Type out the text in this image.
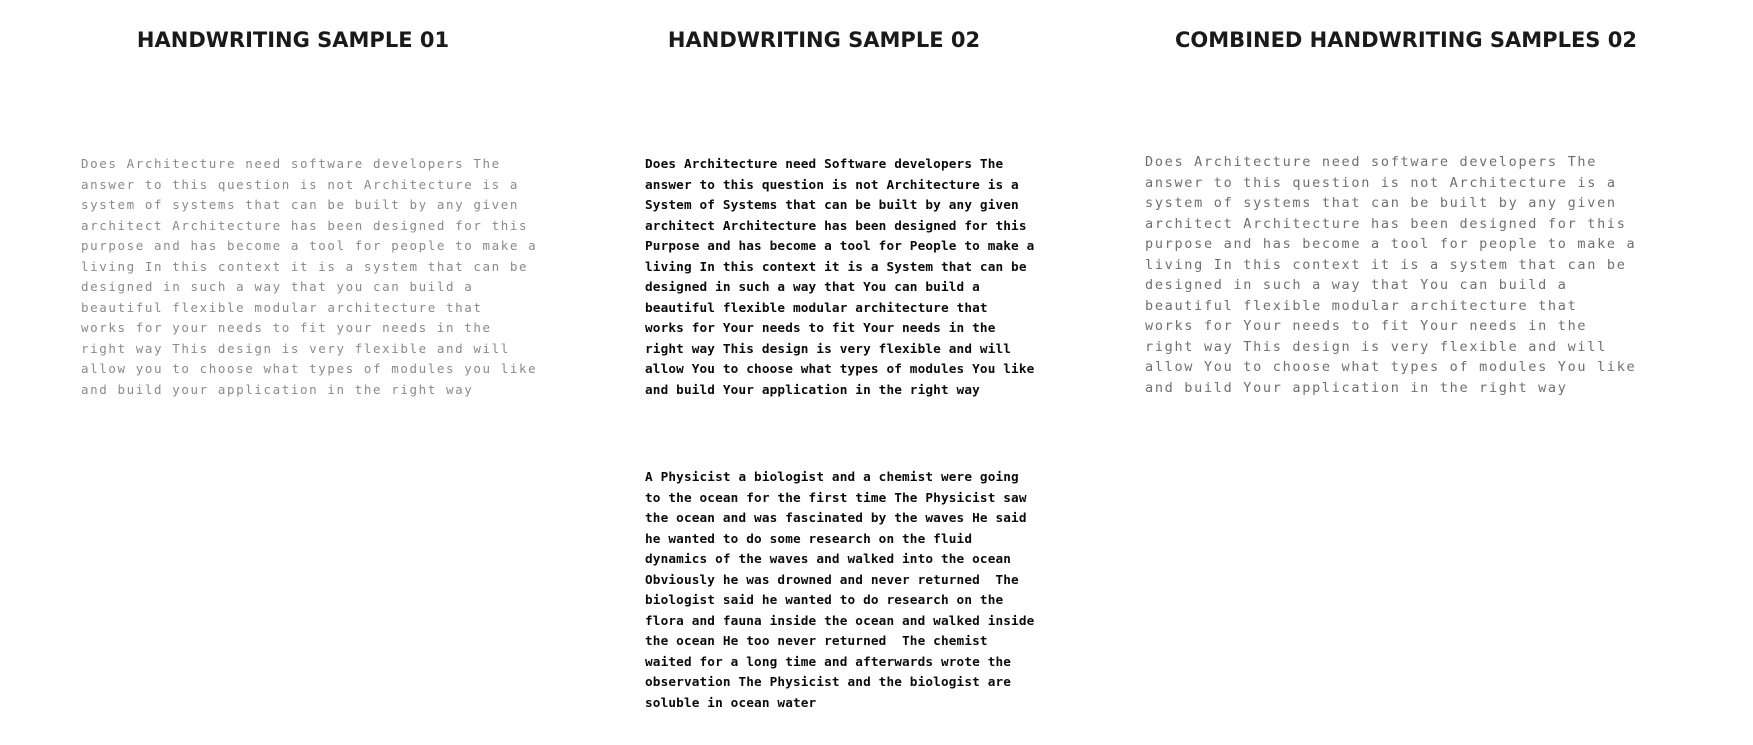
HANDWRITING SAMPLE 01	HANDWRITING SAMPLE 02	COMBINED HANDWRITING SAMPLES 02
Does Architecture need software developers The
answer to this question is not Architecture is a
system of systems that can be built by any given
architect Architecture has been designed for this
purpose and has become a tool for people to make a
living In this context it is a system that can be
designed in such a way that you can build a
beautiful flexible modular architecture that
works for your needs to fit your needs in the
right way This design is very flexible and will
allow you to choose what types of modules you like
and build your application in the right way
Does Architecture need Software developers The
answer to this question is not Architecture is a
System of Systems that can be built by any given
architect Architecture has been designed for this
Purpose and has become a tool for People to make a
living In this context it is a System that can be
designed in such a way that You can build a
beautiful flexible modular architecture that
works for Your needs to fit Your needs in the
right way This design is very flexible and will
allow You to choose what types of modules You like
and build Your application in the right way
A Physicist a biologist and a chemist were going
to the ocean for the first time The Physicist saw
the ocean and was fascinated by the waves He said
he wanted to do some research on the fluid
dynamics of the waves and walked into the ocean
Obviously he was drowned and never returned  The
biologist said he wanted to do research on the
flora and fauna inside the ocean and walked inside
the ocean He too never returned  The chemist
waited for a long time and afterwards wrote the
observation The Physicist and the biologist are
soluble in ocean water
Does Architecture need software developers The
answer to this question is not Architecture is a
system of systems that can be built by any given
architect Architecture has been designed for this
purpose and has become a tool for people to make a
living In this context it is a system that can be
designed in such a way that You can build a
beautiful flexible modular architecture that
works for Your needs to fit Your needs in the
right way This design is very flexible and will
allow You to choose what types of modules You like
and build Your application in the right way
